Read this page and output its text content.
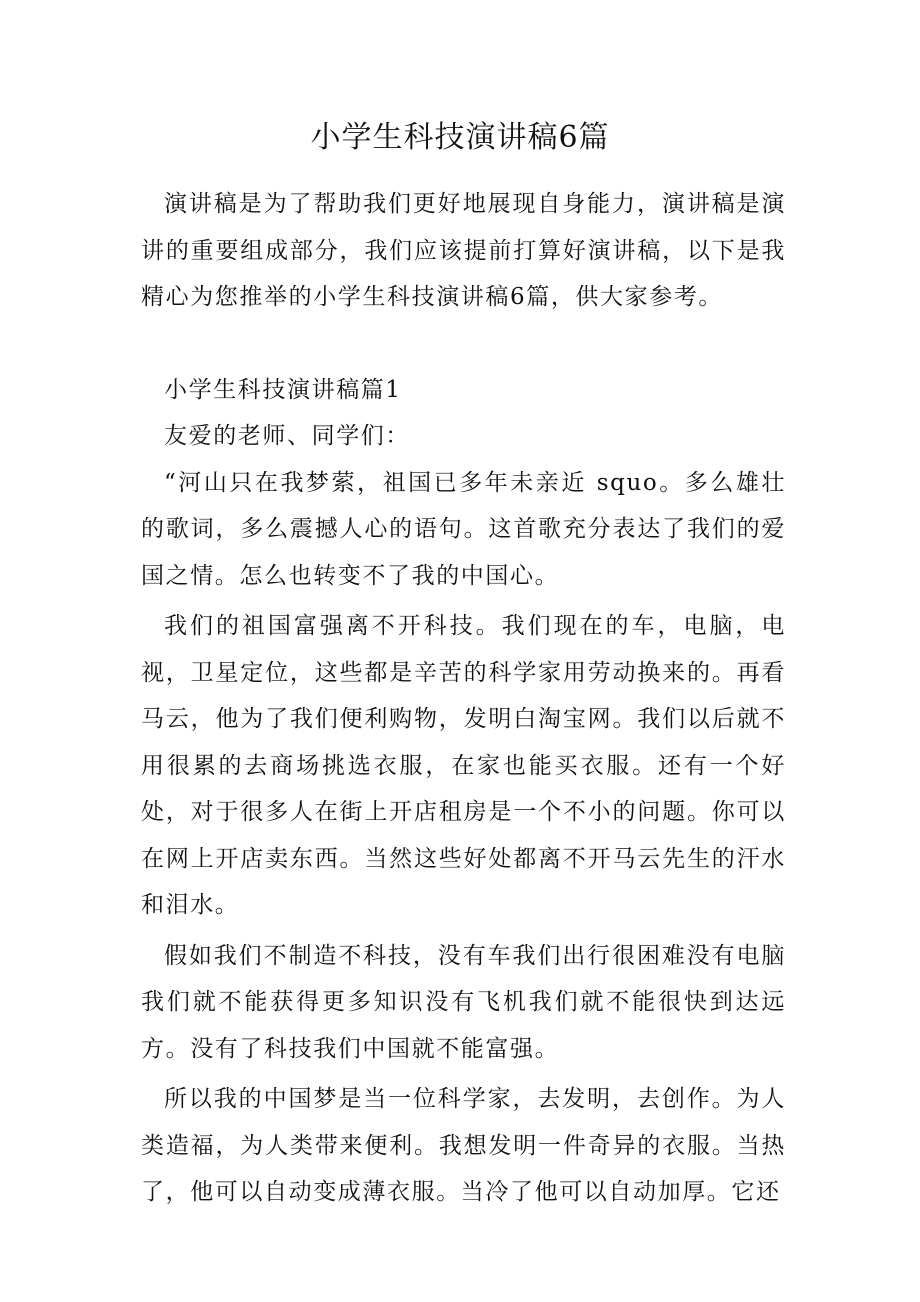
小学生科技演讲稿6篇

演讲稿是为了帮助我们更好地展现自身能力，演讲稿是演讲的重要组成部分，我们应该提前打算好演讲稿，以下是我精心为您推举的小学生科技演讲稿6篇，供大家参考。

小学生科技演讲稿篇1

友爱的老师、同学们：

“河山只在我梦萦，祖国已多年未亲近 squo。多么雄壮的歌词，多么震撼人心的语句。这首歌充分表达了我们的爱国之情。怎么也转变不了我的中国心。

我们的祖国富强离不开科技。我们现在的车，电脑，电视，卫星定位，这些都是辛苦的科学家用劳动换来的。再看马云，他为了我们便利购物，发明白淘宝网。我们以后就不用很累的去商场挑选衣服，在家也能买衣服。还有一个好处，对于很多人在街上开店租房是一个不小的问题。你可以在网上开店卖东西。当然这些好处都离不开马云先生的汗水和泪水。

假如我们不制造不科技，没有车我们出行很困难没有电脑我们就不能获得更多知识没有飞机我们就不能很快到达远方。没有了科技我们中国就不能富强。

所以我的中国梦是当一位科学家，去发明，去创作。为人类造福，为人类带来便利。我想发明一件奇异的衣服。当热了，他可以自动变成薄衣服。当冷了他可以自动加厚。它还
